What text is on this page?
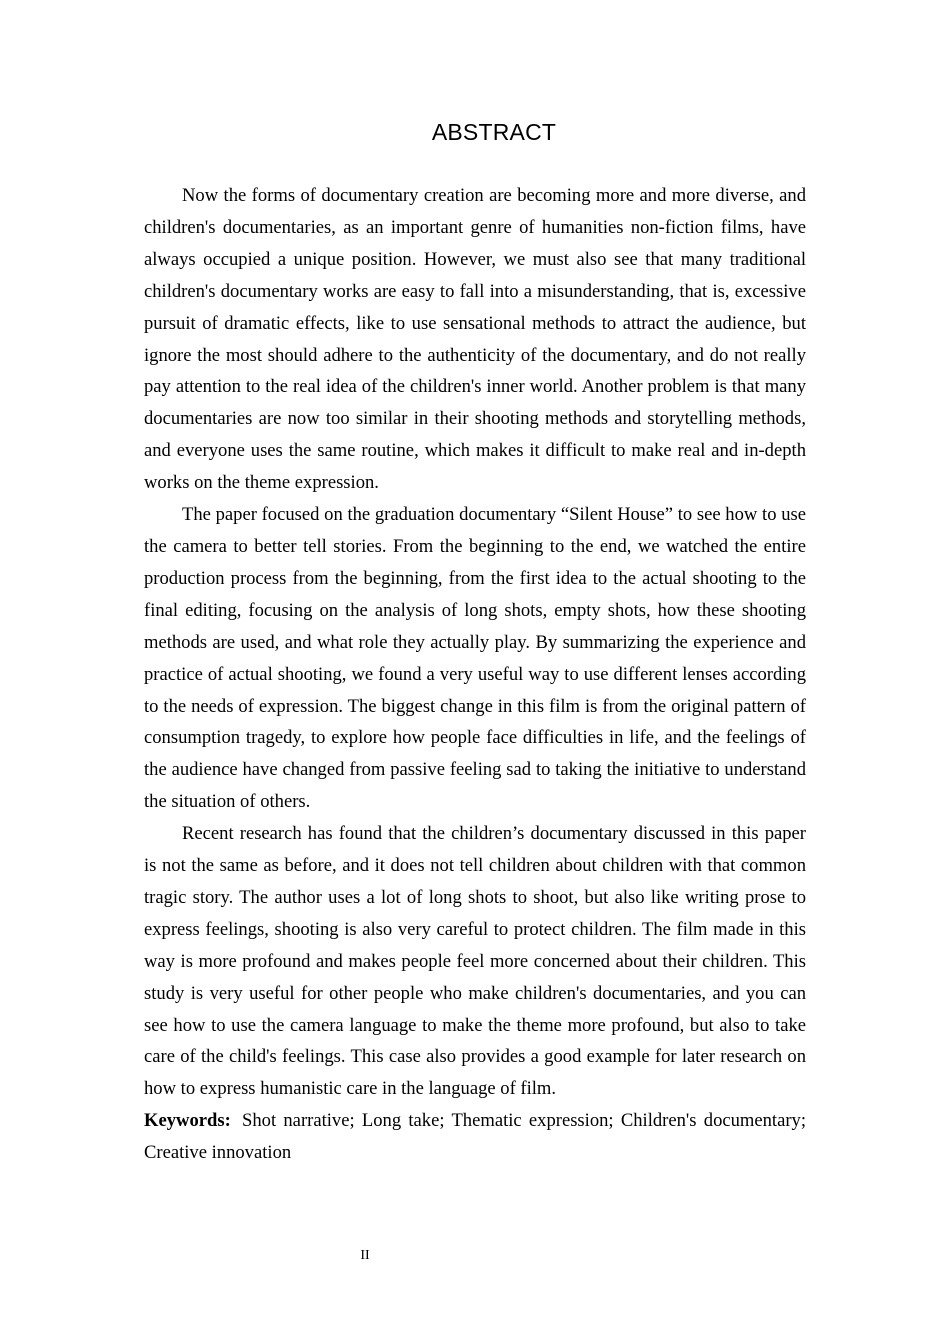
ABSTRACT

Now the forms of documentary creation are becoming more and more diverse, and children's documentaries, as an important genre of humanities non-fiction films, have always occupied a unique position. However, we must also see that many traditional children's documentary works are easy to fall into a misunderstanding, that is, excessive pursuit of dramatic effects, like to use sensational methods to attract the audience, but ignore the most should adhere to the authenticity of the documentary, and do not really pay attention to the real idea of the children's inner world. Another problem is that many documentaries are now too similar in their shooting methods and storytelling methods, and everyone uses the same routine, which makes it difficult to make real and in-depth works on the theme expression.

The paper focused on the graduation documentary “Silent House” to see how to use the camera to better tell stories. From the beginning to the end, we watched the entire production process from the beginning, from the first idea to the actual shooting to the final editing, focusing on the analysis of long shots, empty shots, how these shooting methods are used, and what role they actually play. By summarizing the experience and practice of actual shooting, we found a very useful way to use different lenses according to the needs of expression. The biggest change in this film is from the original pattern of consumption tragedy, to explore how people face difficulties in life, and the feelings of the audience have changed from passive feeling sad to taking the initiative to understand the situation of others.

Recent research has found that the children’s documentary discussed in this paper is not the same as before, and it does not tell children about children with that common tragic story. The author uses a lot of long shots to shoot, but also like writing prose to express feelings, shooting is also very careful to protect children. The film made in this way is more profound and makes people feel more concerned about their children. This study is very useful for other people who make children's documentaries, and you can see how to use the camera language to make the theme more profound, but also to take care of the child's feelings. This case also provides a good example for later research on how to express humanistic care in the language of film.

Keywords: Shot narrative; Long take; Thematic expression; Children's documentary; Creative innovation

II
